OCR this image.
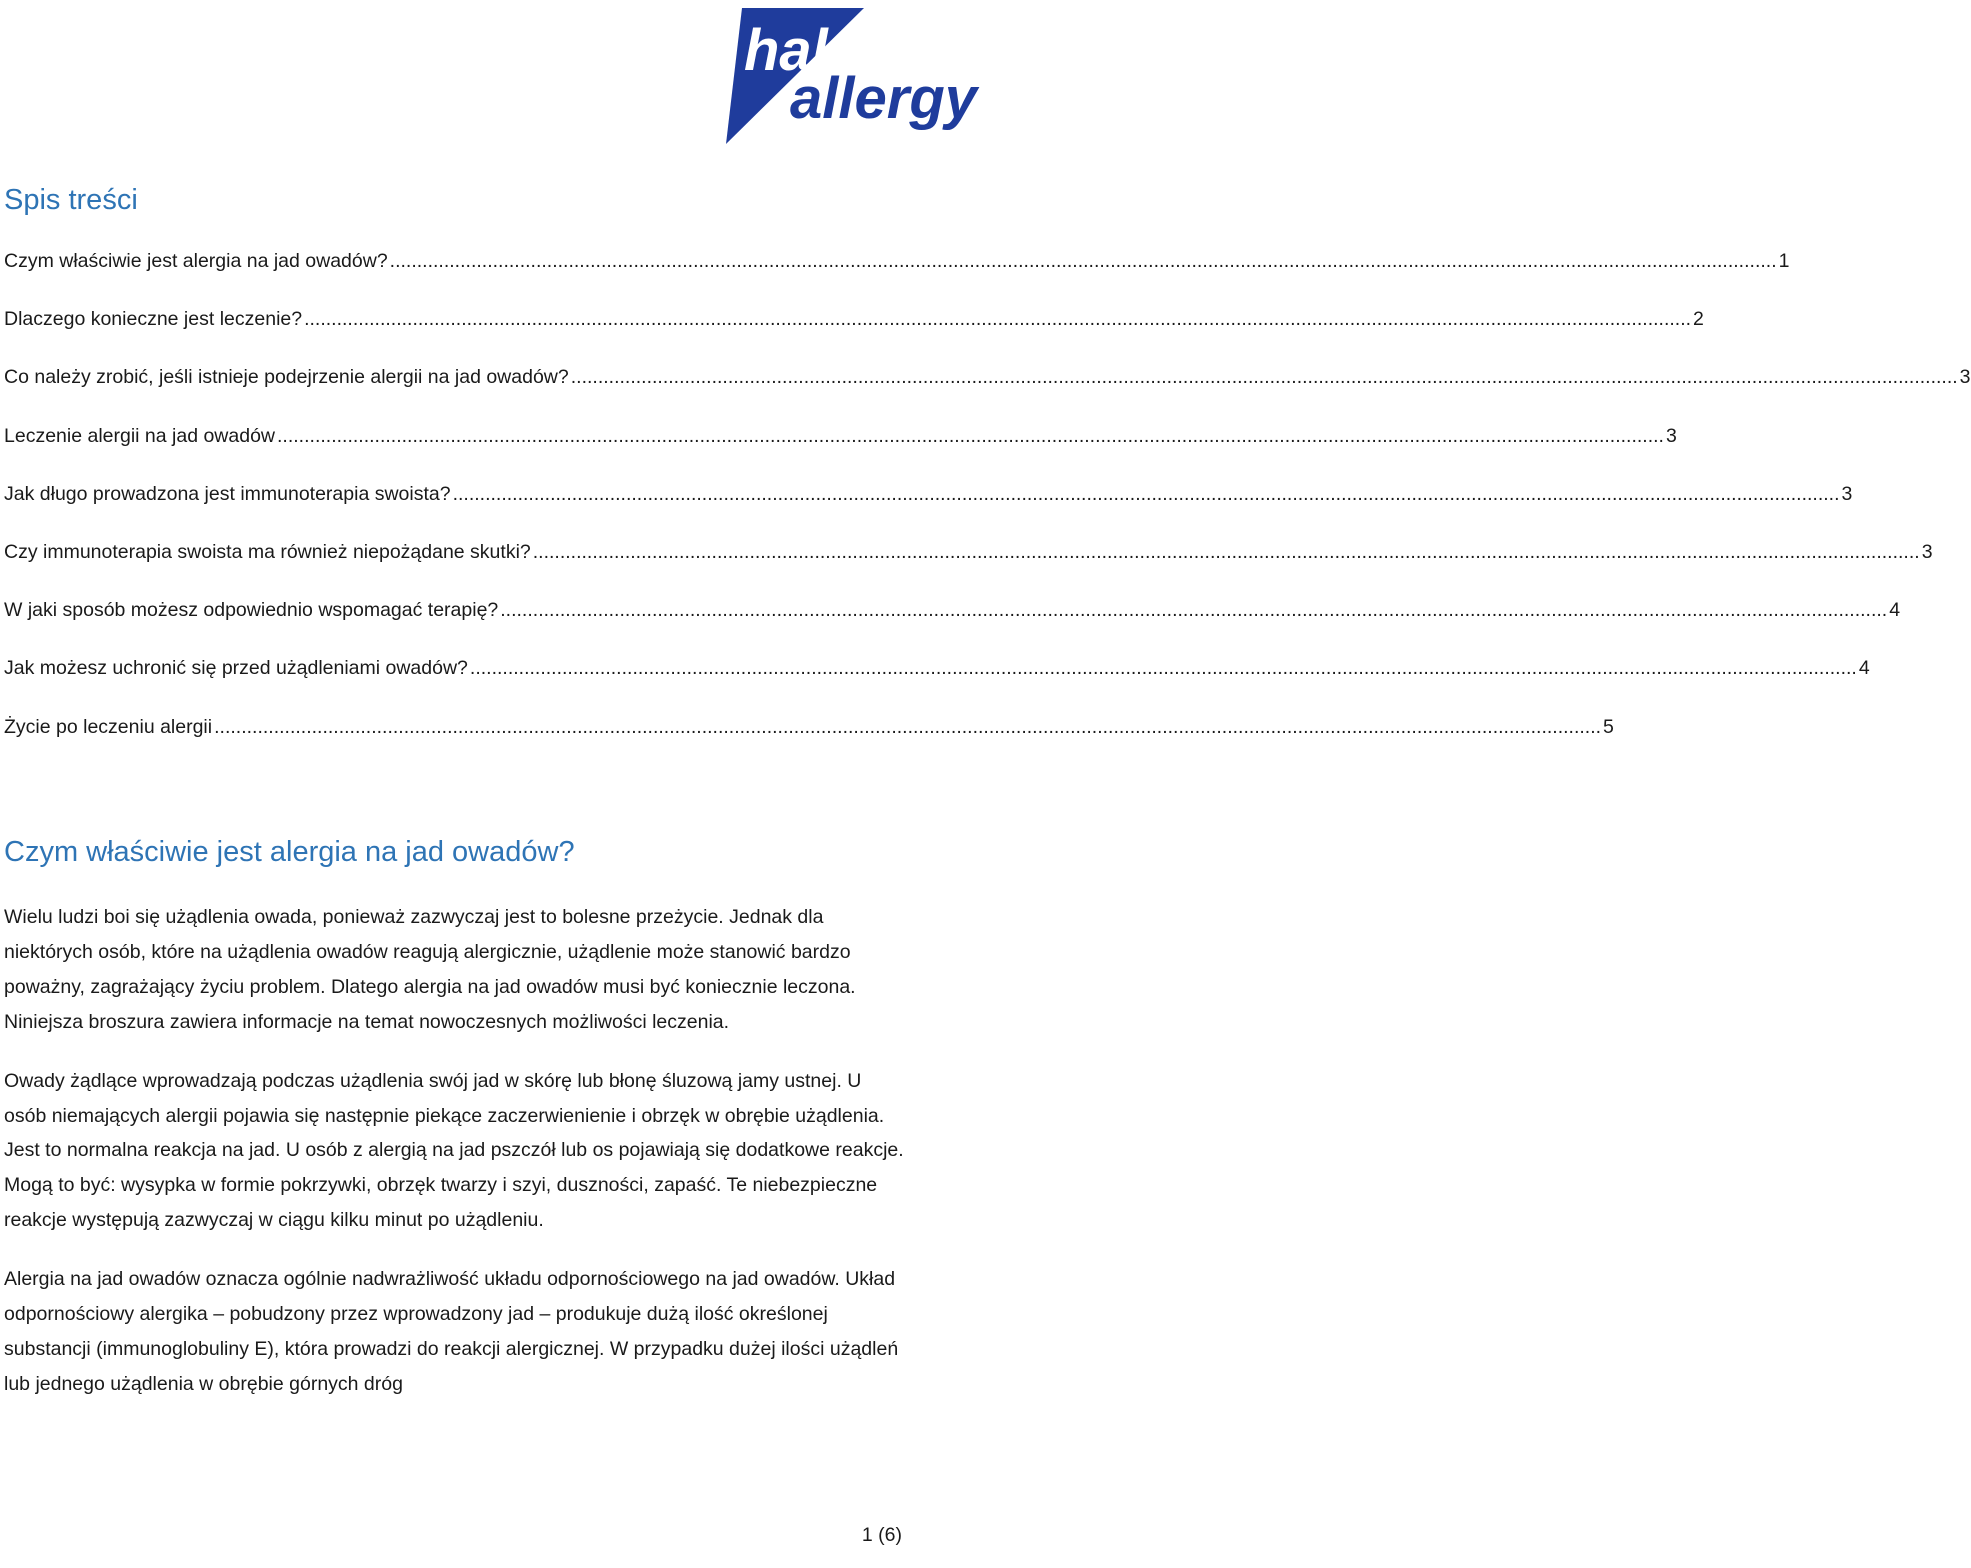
hal
allergy
Spis treści
Czym właściwie jest alergia na jad owadów? .....	1
Dlaczego konieczne jest leczenie? .....	2
Co należy zrobić, jeśli istnieje podejrzenie alergii na jad owadów? .....	3
Leczenie alergii na jad owadów .....	3
Jak długo prowadzona jest immunoterapia swoista? .....	3
Czy immunoterapia swoista ma również niepożądane skutki? .....	3
W jaki sposób możesz odpowiednio wspomagać terapię? .....	4
Jak możesz uchronić się przed użądleniami owadów? .....	4
Życie po leczeniu alergii .....	5
Czym właściwie jest alergia na jad owadów?

Wielu ludzi boi się użądlenia owada, ponieważ zazwyczaj jest to bolesne przeżycie. Jednak dla niektórych osób, które na użądlenia owadów reagują alergicznie, użądlenie może stanowić bardzo poważny, zagrażający życiu problem. Dlatego alergia na jad owadów musi być koniecznie leczona. Niniejsza broszura zawiera informacje na temat nowoczesnych możliwości leczenia.

Owady żądlące wprowadzają podczas użądlenia swój jad w skórę lub błonę śluzową jamy ustnej. U osób niemających alergii pojawia się następnie piekące zaczerwienienie i obrzęk w obrębie użądlenia. Jest to normalna reakcja na jad. U osób z alergią na jad pszczół lub os pojawiają się dodatkowe reakcje. Mogą to być: wysypka w formie pokrzywki, obrzęk twarzy i szyi, duszności, zapaść. Te niebezpieczne reakcje występują zazwyczaj w ciągu kilku minut po użądleniu.

Alergia na jad owadów oznacza ogólnie nadwrażliwość układu odpornościowego na jad owadów. Układ odpornościowy alergika – pobudzony przez wprowadzony jad – produkuje dużą ilość określonej substancji (immunoglobuliny E), która prowadzi do reakcji alergicznej. W przypadku dużej ilości użądleń lub jednego użądlenia w obrębie górnych dróg

1 (6)
